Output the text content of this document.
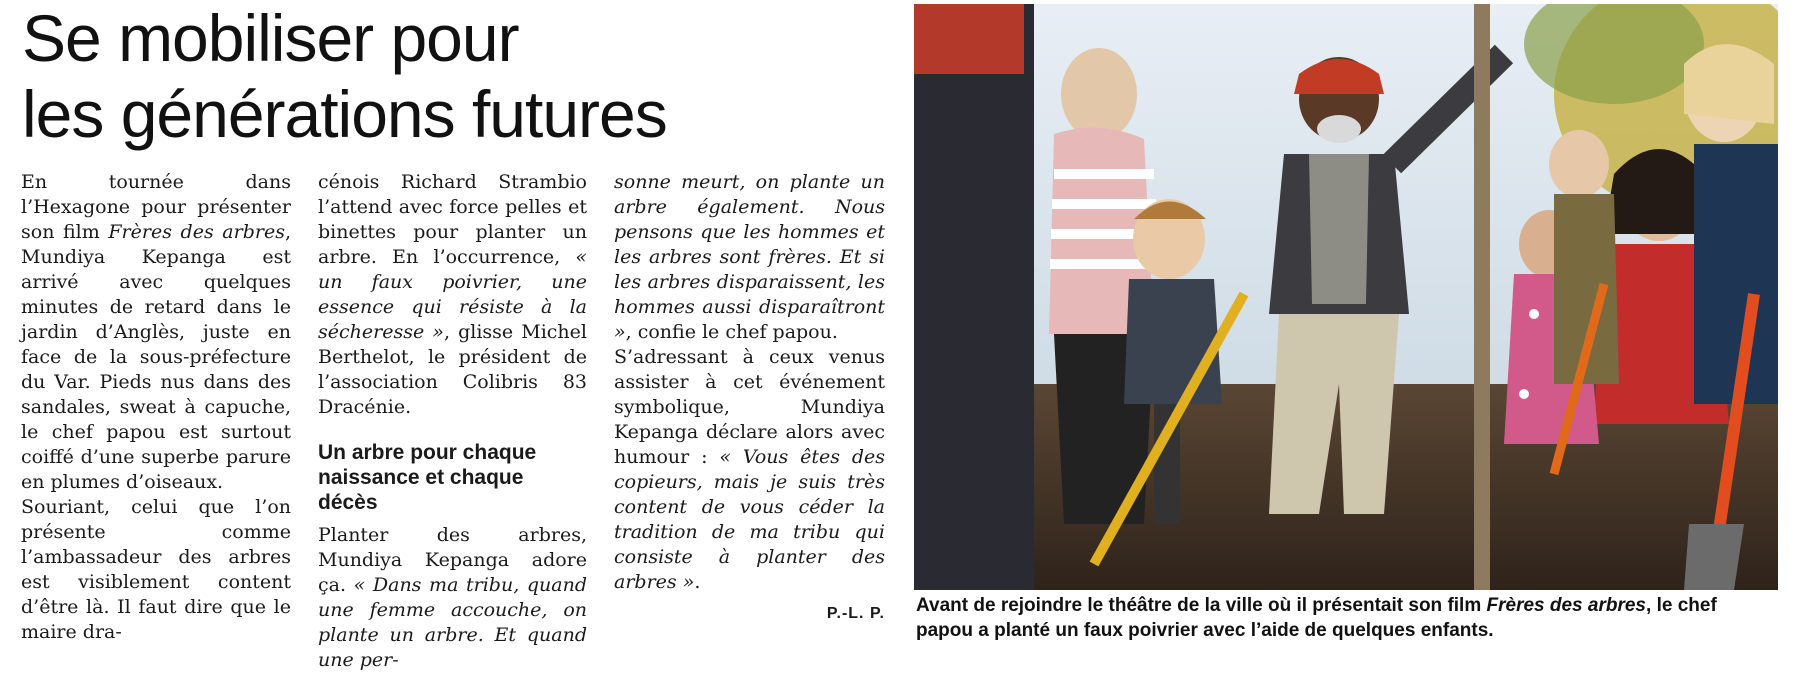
Se mobiliser pour
les générations futures

En tournée dans l’Hexagone pour présenter son film Frères des arbres, Mundiya Kepanga est arrivé avec quelques minutes de retard dans le jardin d’Anglès, juste en face de la sous-préfecture du Var. Pieds nus dans des sandales, sweat à capuche, le chef papou est surtout coiffé d’une superbe parure en plumes d’oiseaux.

Souriant, celui que l’on présente comme l’ambassadeur des arbres est visiblement content d’être là. Il faut dire que le maire dra-

cénois Richard Strambio l’attend avec force pelles et binettes pour planter un arbre. En l’occurrence, « un faux poivrier, une essence qui résiste à la sécheresse », glisse Michel Berthelot, le président de l’association Colibris 83 Dracénie.

Un arbre pour chaque naissance et chaque décès

Planter des arbres, Mundiya Kepanga adore ça. « Dans ma tribu, quand une femme accouche, on plante un arbre. Et quand une per-

sonne meurt, on plante un arbre également. Nous pensons que les hommes et les arbres sont frères. Et si les arbres disparaissent, les hommes aussi disparaîtront », confie le chef papou.

S’adressant à ceux venus assister à cet événement symbolique, Mundiya Kepanga déclare alors avec humour : « Vous êtes des copieurs, mais je suis très content de vous céder la tradition de ma tribu qui consiste à planter des arbres ».

P.-L. P. Avant de rejoindre le théâtre de la ville où il présentait son film Frères des arbres, le chef papou a planté un faux poivrier avec l’aide de quelques enfants.
